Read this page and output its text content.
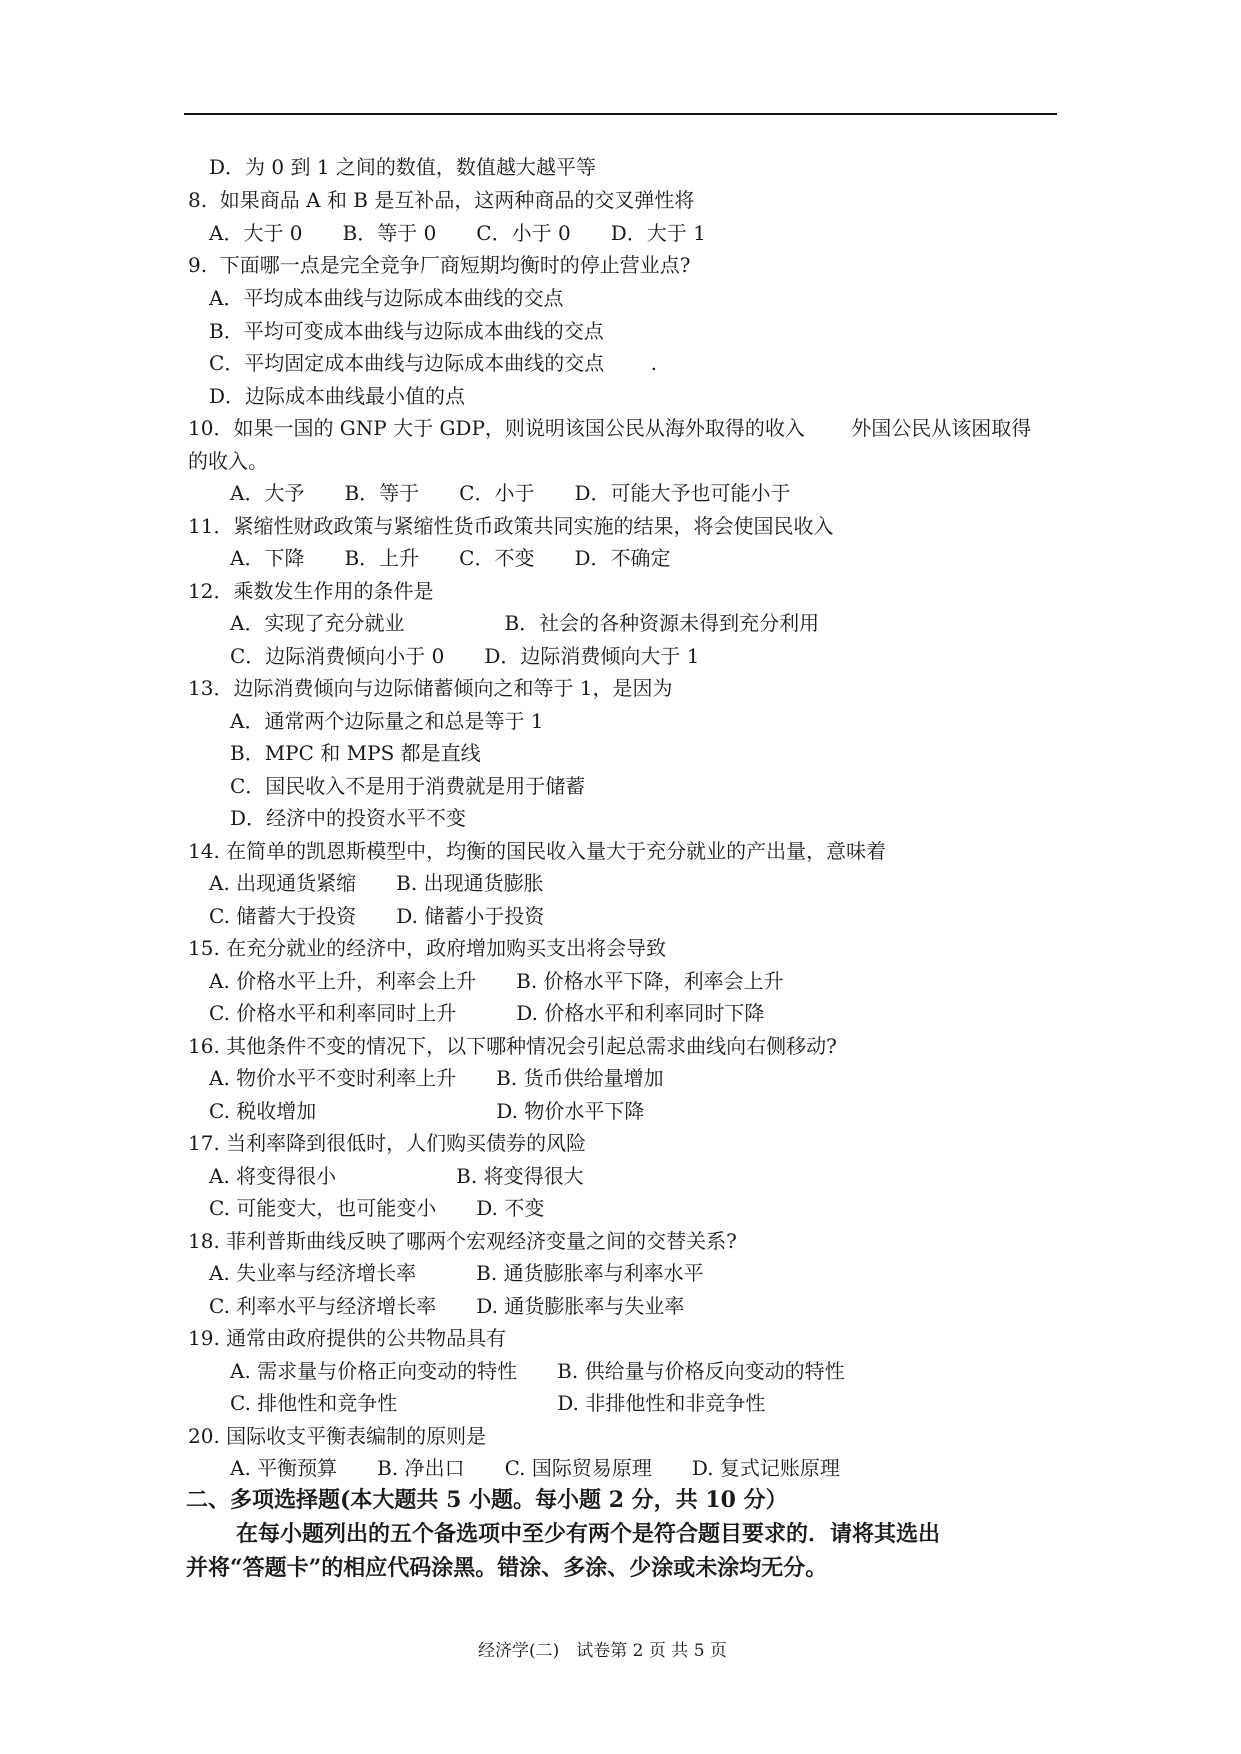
D．为 0 到 1 之间的数值，数值越大越平等
8.  如果商品 A 和 B 是互补品，这两种商品的交叉弹性将
A．大于 0　　B．等于 0　　C．小于 0　　D．大于 1
9.  下面哪一点是完全竞争厂商短期均衡时的停止营业点?
A．平均成本曲线与边际成本曲线的交点
B．平均可变成本曲线与边际成本曲线的交点
C．平均固定成本曲线与边际成本曲线的交点　　 .
D．边际成本曲线最小值的点
10．如果一国的 GNP 大于 GDP，则说明该国公民从海外取得的收入　　 外国公民从该困取得
的收入。
A．大予　　B．等于　　C．小于　　D．可能大予也可能小于
11．紧缩性财政政策与紧缩性货币政策共同实施的结果，将会使国民收入
A．下降　　B．上升　　C．不变　　D．不确定
12．乘数发生作用的条件是
A．实现了充分就业　　　　　B．社会的各种资源未得到充分利用
C．边际消费倾向小于 0　　D．边际消费倾向大于 1
13．边际消费倾向与边际储蓄倾向之和等于 1，是因为
A．通常两个边际量之和总是等于 1
B．MPC 和 MPS 都是直线
C．国民收入不是用于消费就是用于储蓄
D．经济中的投资水平不变
14. 在简单的凯恩斯模型中，均衡的国民收入量大于充分就业的产出量，意味着
A. 出现通货紧缩　　B. 出现通货膨胀
C. 储蓄大于投资　　D. 储蓄小于投资
15. 在充分就业的经济中，政府增加购买支出将会导致
A. 价格水平上升，利率会上升　　B. 价格水平下降，利率会上升
C. 价格水平和利率同时上升　　　D. 价格水平和利率同时下降
16. 其他条件不变的情况下，以下哪种情况会引起总需求曲线向右侧移动?
A. 物价水平不变时利率上升　　B. 货币供给量增加
C. 税收增加　　　　　　　　　D. 物价水平下降
17. 当利率降到很低时，人们购买债券的风险
A. 将变得很小　　　　　　B. 将变得很大
C. 可能变大，也可能变小　　D. 不变
18. 菲利普斯曲线反映了哪两个宏观经济变量之间的交替关系?
A. 失业率与经济增长率　　　B. 通货膨胀率与利率水平
C. 利率水平与经济增长率　　D. 通货膨胀率与失业率
19. 通常由政府提供的公共物品具有
A. 需求量与价格正向变动的特性　　B. 供给量与价格反向变动的特性
C. 排他性和竞争性　　　　　　　　D. 非排他性和非竞争性
20. 国际收支平衡表编制的原则是
A. 平衡预算　　B. 净出口　　C. 国际贸易原理　　D. 复式记账原理
二、多项选择题(本大题共 5 小题。每小题 2 分，共 10 分）
在每小题列出的五个备选项中至少有两个是符合题目要求的．请将其选出
并将“答题卡”的相应代码涂黑。错涂、多涂、少涂或未涂均无分。
经济学(二)　试卷第 2 页 共 5 页
